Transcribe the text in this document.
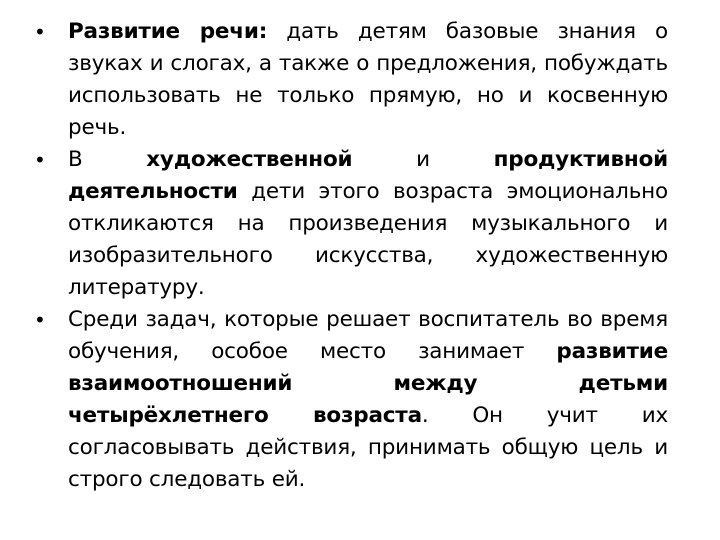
• Развитие речи: дать детям базовые знания о звуках и слогах, а также о предложения, побуждать использовать не только прямую, но и косвенную речь.
• В художественной и продуктивной деятельности дети этого возраста эмоционально откликаются на произведения музыкального и изобразительного искусства, художественную литературу.
• Среди задач, которые решает воспитатель во время обучения, особое место занимает развитие взаимоотношений между детьми четырёхлетнего возраста. Он учит их согласовывать действия, принимать общую цель и строго следовать ей.
